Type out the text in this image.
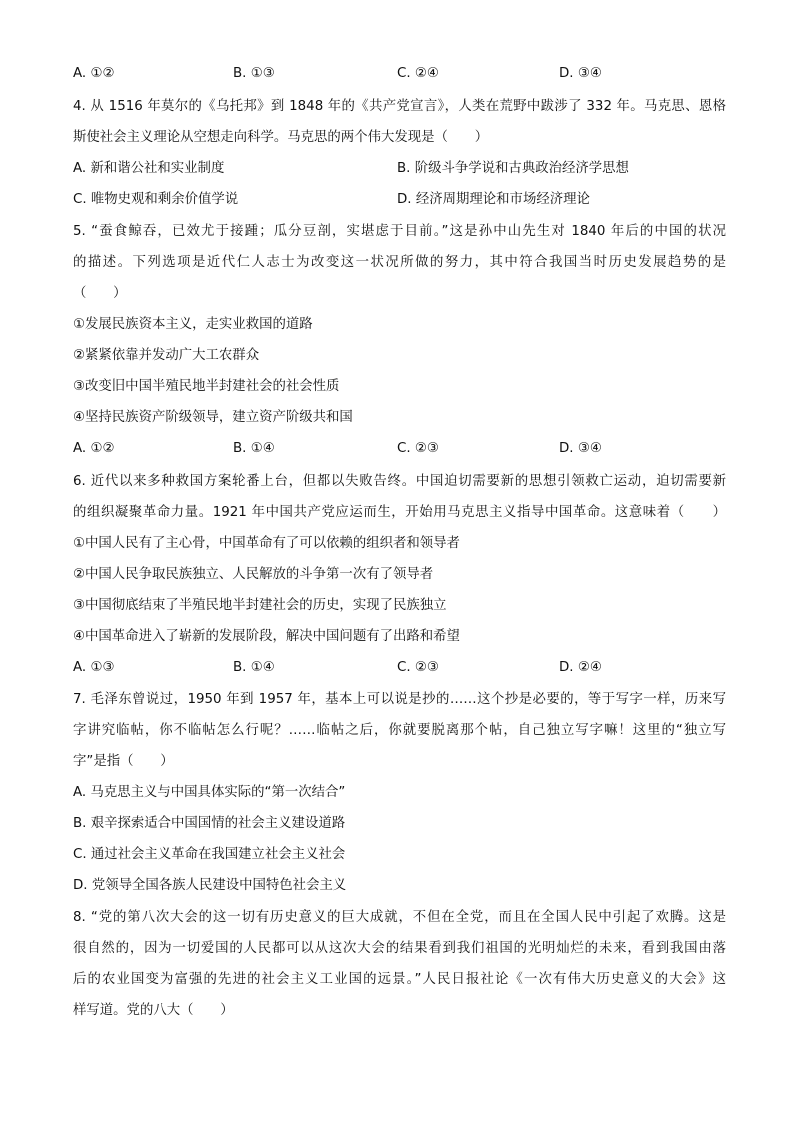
A. ①②	B. ①③	C. ②④	D. ③④
4. 从 1516 年莫尔的《乌托邦》到 1848 年的《共产党宣言》，人类在荒野中跋涉了 332 年。马克思、恩格
斯使社会主义理论从空想走向科学。马克思的两个伟大发现是（　　）
A. 新和谐公社和实业制度	B. 阶级斗争学说和古典政治经济学思想
C. 唯物史观和剩余价值学说	D. 经济周期理论和市场经济理论
5. “蚕食鲸吞，已效尤于接踵；瓜分豆剖，实堪虑于目前。”这是孙中山先生对 1840 年后的中国的状况
的描述。下列选项是近代仁人志士为改变这一状况所做的努力，其中符合我国当时历史发展趋势的是
（　　）
①发展民族资本主义，走实业救国的道路
②紧紧依靠并发动广大工农群众
③改变旧中国半殖民地半封建社会的社会性质
④坚持民族资产阶级领导，建立资产阶级共和国
A. ①②	B. ①④	C. ②③	D. ③④
6. 近代以来多种救国方案轮番上台，但都以失败告终。中国迫切需要新的思想引领救亡运动，迫切需要新
的组织凝聚革命力量。1921 年中国共产党应运而生，开始用马克思主义指导中国革命。这意味着（　　）
①中国人民有了主心骨，中国革命有了可以依赖的组织者和领导者
②中国人民争取民族独立、人民解放的斗争第一次有了领导者
③中国彻底结束了半殖民地半封建社会的历史，实现了民族独立
④中国革命进入了崭新的发展阶段，解决中国问题有了出路和希望
A. ①③	B. ①④	C. ②③	D. ②④
7. 毛泽东曾说过，1950 年到 1957 年，基本上可以说是抄的……这个抄是必要的，等于写字一样，历来写
字讲究临帖，你不临帖怎么行呢？……临帖之后，你就要脱离那个帖，自己独立写字嘛！这里的“独立写
字”是指（　　）
A. 马克思主义与中国具体实际的“第一次结合”
B. 艰辛探索适合中国国情的社会主义建设道路
C. 通过社会主义革命在我国建立社会主义社会
D. 党领导全国各族人民建设中国特色社会主义
8. “党的第八次大会的这一切有历史意义的巨大成就，不但在全党，而且在全国人民中引起了欢腾。这是
很自然的，因为一切爱国的人民都可以从这次大会的结果看到我们祖国的光明灿烂的未来，看到我国由落
后的农业国变为富强的先进的社会主义工业国的远景。”人民日报社论《一次有伟大历史意义的大会》这
样写道。党的八大（　　）
